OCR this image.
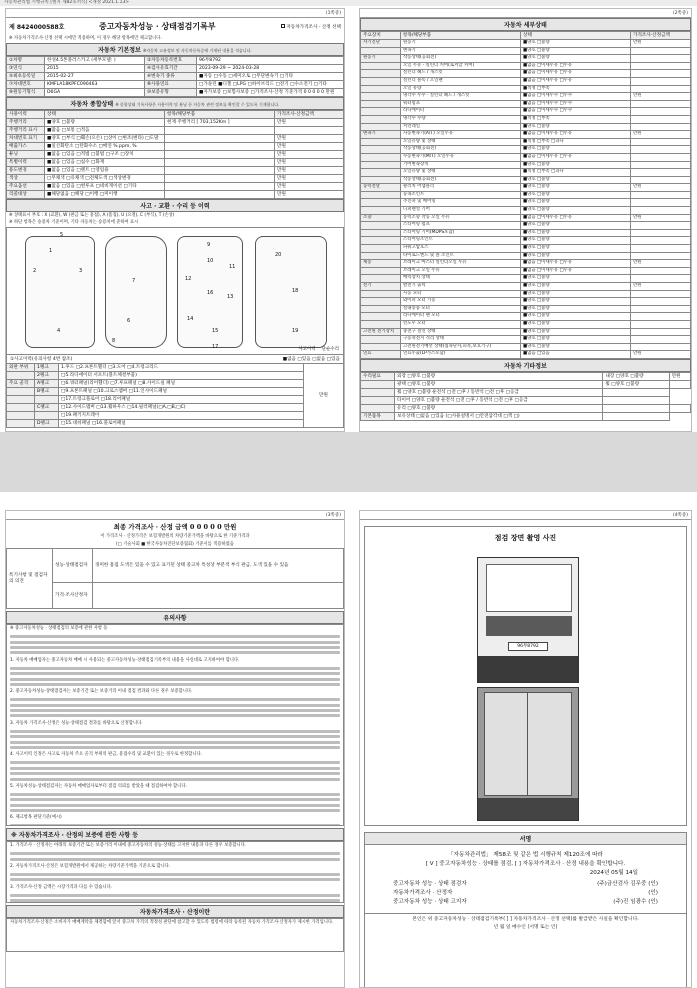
자동차관리법 시행규칙 [별지 제82호서식] <개정 2021.1.13>
(1쪽중)
제 8424000588호	중고자동차성능 · 상태점검기록부	자동차가격조사 · 산정 선택
※ 자동차가격조사·산정 선택 시에만 적용하며, 이 경우 해당 항목에만 체크합니다.
자동차 기본정보 ※자동차 고유정보 및 자동차등록증에 기재된 내용을 적습니다.
①차명	한성4.5톤플러스카고 (세부모델: )	②자동차등록번호	96무8792
③연식	2015	④검사유효기간	2023-09-29 ~ 2024-03-28
⑤최초등록일	2015-02-27	⑥변속기 종류	■자동 □수동 □세미오토 □무단변속기 □기타
⑦차대번호	KMFLA18KPFC090463	⑧사용연료	□가솔린 ■디젤 □LPG □하이브리드 □전기 □수소전기 □기타
⑨원동기형식	D6GA	⑩보증유형	■자가보증 □보험사보증 □가격조사·산정 기준가격 0 0 0 0 0 만원
자동차 종합상태 ※ 종합상태 기록사항은 사용이력 및 튜닝 등 자동차 관련 정보를 확인할 수 있도록 기재합니다.
사용이력	상태	항목/해당부품	가격조사·산정금액
주행거리	■양호 □불량	현재 주행거리 [ 703,152Km ]	만원
주행거리 표시	■많음 □보통 □적음		
차대번호 표기	■양호 □부식 □훼손(오손) □상이 □변조(변타) □도말		만원
배출가스	■일산화탄소 □탄화수소 □매연 % ppm, %		만원
튜닝	■없음 □있음 □적법 □불법 □구조 □장치		만원
특별이력	■없음 □있음 □침수 □화재		만원
용도변경	■없음 □있음 □렌트 □영업용		만원
색상	□무채색 □유채색 □전체도색 □색상변경		만원
주요옵션	■없음 □있음 □썬루프 □네비게이션 □기타		만원
리콜대상	■해당없음 □해당 □이행 □미이행		만원
사고 · 교환 · 수리 등 이력
※ 상태표시 부호 : X (교환), W (판금 또는 용접), A (흠집), U (요철), C (부식), T (손상)
※ 하단 항목은 승용차 기준이며, 기타 자동차는 승용차에 준하여 표시
1
2	3
4
5
6
7
8
9
10
11
12
13
14
15
16
17
18
19
20
사고이력 단순수리
①사고이력(유의사항 4번 참조)	■없음 □있음 □없음 □있음
외판 부위	1랭크	1.후드 □2.프론트휀더 □3.도어 □4.트렁크리드	만원
	2랭크	□5.라디에이터 서포트(볼트체결부품)	
주요 골격	A랭크	□6.쿼터패널(리어휀더) □7.루프패널 □8.사이드실 패널	
	B랭크	□9.프론트패널 □10.크로스멤버 □11.인사이드패널	
		□17.트렁크플로어 □18.리어패널	
	C랭크	□12.사이드멤버 □13.휠하우스 □14.필러패널(□A,□B,□C)	
		□19.패키지트레이	
	D랭크	□15.대쉬패널 □16.플로어패널	
(2쪽중)
자동차 세부상태
주요장치	항목/해당부품	상태	가격조사·산정금액
자기진단	원동기	■양호 □불량	만원
	변속기	■양호 □불량	
원동기	작동상태(공회전)	■양호 □불량	
	오일 누유 · 실린더 커버(로커암 커버)	■없음 □미세누유 □누유	
	실린더 헤드 / 개스킷	■없음 □미세누유 □누유	
	실린더 블록 / 오일팬	■없음 □미세누유 □누유	
	오일 유량	■적정 □부족	
	냉각수 누수 · 실린더 헤드 / 개스킷	■없음 □미세누수 □누수	만원
	워터펌프	■없음 □미세누수 □누수	
	라디에이터	■없음 □미세누수 □누수	
	냉각수 수량	■적정 □부족	
	커먼레일	■양호 □불량	
변속기	자동변속기(A/T) 오일누유	■없음 □미세누유 □누유	만원
	오일유량 및 상태	■적정 □부족 □과다	
	작동상태(공회전)	■양호 □불량	
	수동변속기(M/T) 오일누유	■없음 □미세누유 □누유	
	기어변속장치	■양호 □불량	
	오일유량 및 상태	■적정 □부족 □과다	
	작동상태(공회전)	■양호 □불량	
동력전달	클러치 어셈블리	■양호 □불량	만원
	등속조인트	■양호 □불량	
	추진축 및 베어링	■양호 □불량	
	디퍼렌셜 기어	■양호 □불량	
조향	동력조향 작동 오일 누유	■없음 □미세누유 □누유	만원
	스티어링 펌프	■양호 □불량	
	스티어링 기어(MDPS포함)	■양호 □불량	
	스티어링조인트	■양호 □불량	
	파워고압호스	■양호 □불량	
	타이로드엔드 및 볼 조인트	■양호 □불량	
제동	브레이크 마스터 실린더오일 누유	■없음 □미세누유 □누유	만원
	브레이크 오일 누유	■없음 □미세누유 □누유	
	배력장치 상태	■양호 □불량	
전기	발전기 출력	■양호 □불량	만원
	시동 모터	■양호 □불량	
	와이퍼 모터 기능	■양호 □불량	
	실내송풍 모터	■양호 □불량	
	라디에이터 팬 모터	■양호 □불량	
	윈도우 모터	■양호 □불량	
고전원 전기장치	충전구 절연 상태	■양호 □불량	
	구동축전지 격리 상태	■양호 □불량	
	고전원전기배선 상태(접속단자,피복,보호기구)	■양호 □불량	
연료	연료누출(LP가스포함)	■없음 □있음	만원
자동차 기타정보
수리필요	외장 □양호 □불량	내장 □양호 □불량	만원
	광택 □양호 □불량	휠 □양호 □불량	
	휠 □양호 □불량 운전석 □전 □후 / 동반석 □전 □후 □응급		
	타이어 □양호 □불량 운전석 □전 □후 / 동반석 □전 □후 □응급		
	유리 □양호 □불량		
기본품목	보유상태 □없음 □있음 (□사용설명서 □안전삼각대 □잭 □)		
(3쪽중)
최종 가격조사 · 산정 금액 0 0 0 0 0 만원
이 가격조사 · 산정가격은 보험개발원의 차량기준가액을 바탕으로 한 기준가격과
(□ 기술사회 ■ 한국자동차진단보증협회) 기준서를 적용하였음
특기사항 및 점검자의 의견	성능·상태점검자	경미한 흠집 도색은 있을 수 있고 표기된 상태 중고차 특성상 부분적 부식 판금, 도색 있을 수 있음
	가격·조사산정자	
유의사항
※ 중고자동차성능 · 상태점검의 보증에 관한 사항 등
1. 자동차 매매업자는 중고자동차 매매 시 사용되는 중고자동차성능·상태점검기록부의 내용을 사실대로 고지하여야 합니다.
2. 중고자동차성능·상태점검자는 보증기간 또는 보증거리 이내 점검 결과와 다른 경우 보증합니다.
3. 자동차 가격조사·산정은 성능·상태점검 결과를 바탕으로 산정합니다.
4. 사고이력 인정은 사고로 자동차 주요 골격 부위의 판금, 용접수리 및 교환이 있는 경우로 한정합니다.
5. 자동차성능·상태점검자는 자동차 매매업자로부터 점검 의뢰를 받았을 때 점검하여야 합니다.
6. 체크항목 판단기준(예시)
※ 자동차가격조사 · 산정의 보증에 관한 사항 등
1. 가격조사 · 산정자는 아래의 보증기간 또는 보증거리 이내에 중고자동차의 성능·상태를 고지한 내용과 다른 경우 보증합니다.
2. 자동차가격조사·산정은 보험개발원에서 제공하는 차량기준가액을 기준으로 합니다.
3. 가격조사·산정 금액은 시장가격과 다를 수 있습니다.
자동차가격조사 · 산정이란
자동차가격조사·산정은 소비자가 매매계약을 체결함에 앞서 중고차 가격의 적정성 판단에 참고할 수 있도록 법령에 따라 등록된 자동차 가격조사·산정자가 제시한 가격입니다.
(4쪽중)
점검 장면 촬영 사진
96무8792
서명
「자동차관리법」 제58조 및 같은 법 시행규칙 제120조에 따라
[ V ] 중고자동차성능 · 상태를 점검, [ ] 자동차가격조사 · 산정 내용을 확인합니다.
2024년 05월 14일
중고자동차 성능 · 상태 점검자	(주)금산검사 김무중 (인)
자동차가격조사 · 산정자	(인)
중고자동차 성능 · 상태 고지자	(주)진 임광수 (인)
본인은 위 중고자동차성능 · 상태점검기록부( [ ] 자동차가격조사 · 산정 선택)를 발급받은 사실을 확인합니다.
년 월 일 매수인 (서명 또는 인)
